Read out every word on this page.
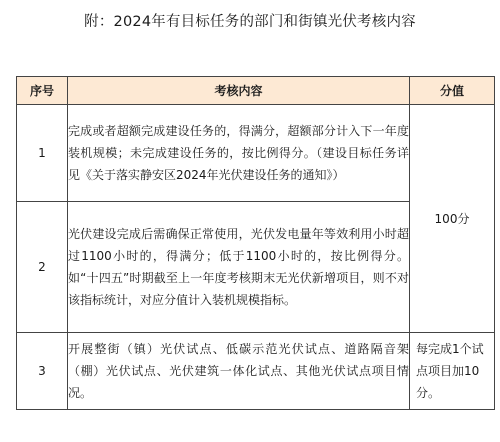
附：2024年有目标任务的部门和街镇光伏考核内容
序号	考核内容	分值
1	完成或者超额完成建设任务的，得满分，超额部分计入下一年度装机规模；未完成建设任务的，按比例得分。（建设目标任务详见《关于落实静安区2024年光伏建设任务的通知》）	100分
2	光伏建设完成后需确保正常使用，光伏发电量年等效利用小时超过1100小时的，得满分；低于1100小时的，按比例得分。如“十四五”时期截至上一年度考核期末无光伏新增项目，则不对该指标统计，对应分值计入装机规模指标。	
3	开展整街（镇）光伏试点、低碳示范光伏试点、道路隔音架（棚）光伏试点、光伏建筑一体化试点、其他光伏试点项目情况。	每完成1个试点项目加10分。
